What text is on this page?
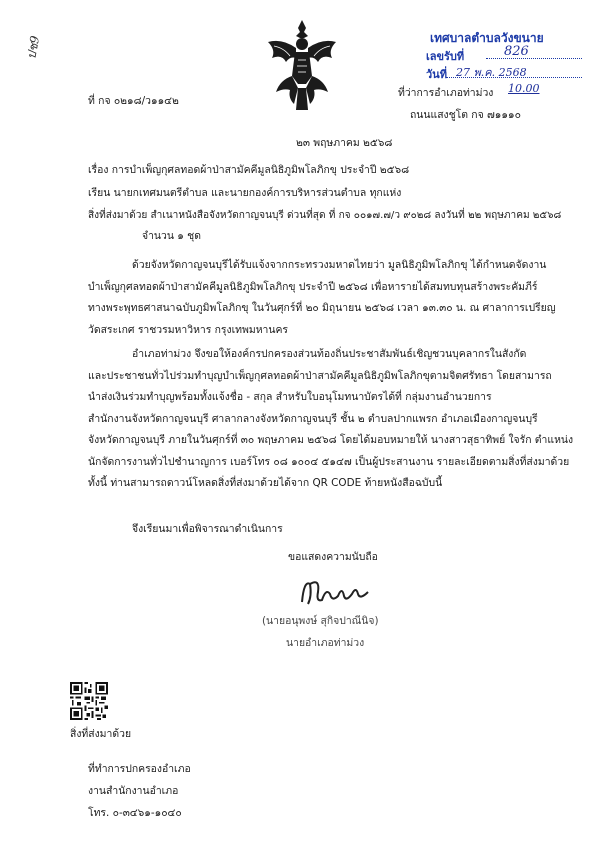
ปช9	เทศบาลตำบลวังขนาย
เลขรับที่	826
วันที่ 27 พ.ค. 2568
ที่ว่าการอำเภอท่าม่วง 10.00
ถนนแสงชูโต กจ ๗๑๑๑๐
ที่ กจ ๐๒๑๘/ว๑๑๔๒
๒๓ พฤษภาคม ๒๕๖๘
เรื่อง การบำเพ็ญกุศลทอดผ้าป่าสามัคคีมูลนิธิภูมิพโลภิกขุ ประจำปี ๒๕๖๘
เรียน นายกเทศมนตรีตำบล และนายกองค์การบริหารส่วนตำบล ทุกแห่ง
สิ่งที่ส่งมาด้วย สำเนาหนังสือจังหวัดกาญจนบุรี ด่วนที่สุด ที่ กจ ๐๐๑๗.๗/ว ๙๐๒๘ ลงวันที่ ๒๒ พฤษภาคม ๒๕๖๘
จำนวน ๑ ชุด
ด้วยจังหวัดกาญจนบุรีได้รับแจ้งจากกระทรวงมหาดไทยว่า มูลนิธิภูมิพโลภิกขุ ได้กำหนดจัดงาน
บำเพ็ญกุศลทอดผ้าป่าสามัคคีมูลนิธิภูมิพโลภิกขุ ประจำปี ๒๕๖๘ เพื่อหารายได้สมทบทุนสร้างพระคัมภีร์
ทางพระพุทธศาสนาฉบับภูมิพโลภิกขุ ในวันศุกร์ที่ ๒๐ มิถุนายน ๒๕๖๘ เวลา ๑๓.๓๐ น. ณ ศาลาการเปรียญ
วัดสระเกศ ราชวรมหาวิหาร กรุงเทพมหานคร
อำเภอท่าม่วง จึงขอให้องค์กรปกครองส่วนท้องถิ่นประชาสัมพันธ์เชิญชวนบุคลากรในสังกัด
และประชาชนทั่วไปร่วมทำบุญบำเพ็ญกุศลทอดผ้าป่าสามัคคีมูลนิธิภูมิพโลภิกขุตามจิตศรัทธา โดยสามารถ
นำส่งเงินร่วมทำบุญพร้อมทั้งแจ้งชื่อ - สกุล สำหรับใบอนุโมทนาบัตรได้ที่ กลุ่มงานอำนวยการ
สำนักงานจังหวัดกาญจนบุรี ศาลากลางจังหวัดกาญจนบุรี ชั้น ๒ ตำบลปากแพรก อำเภอเมืองกาญจนบุรี
จังหวัดกาญจนบุรี ภายในวันศุกร์ที่ ๓๐ พฤษภาคม ๒๕๖๘ โดยได้มอบหมายให้ นางสาวสุธาทิพย์ ใจรัก ตำแหน่ง
นักจัดการงานทั่วไปชำนาญการ เบอร์โทร ๐๘ ๑๐๐๔ ๕๑๔๗ เป็นผู้ประสานงาน รายละเอียดตามสิ่งที่ส่งมาด้วย
ทั้งนี้ ท่านสามารถดาวน์โหลดสิ่งที่ส่งมาด้วยได้จาก QR CODE ท้ายหนังสือฉบับนี้
จึงเรียนมาเพื่อพิจารณาดำเนินการ
ขอแสดงความนับถือ
(นายอนุพงษ์ สุกิจปาณีนิจ)
นายอำเภอท่าม่วง
สิ่งที่ส่งมาด้วย
ที่ทำการปกครองอำเภอ
งานสำนักงานอำเภอ
โทร. ๐-๓๔๖๑-๑๐๔๐
